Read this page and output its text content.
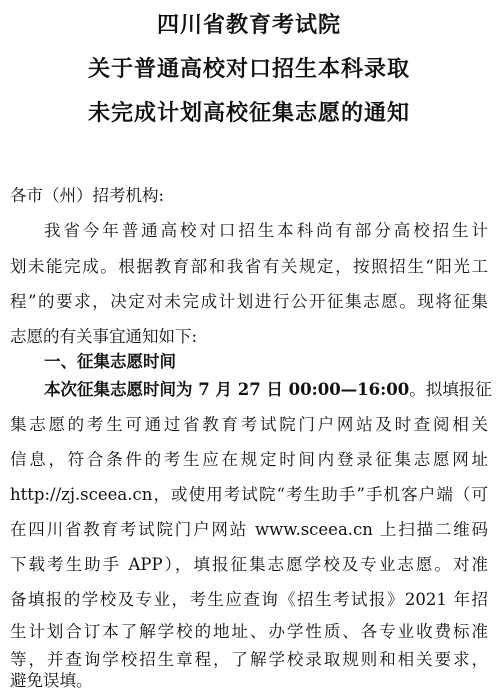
四川省教育考试院
关于普通高校对口招生本科录取
未完成计划高校征集志愿的通知
各市（州）招考机构:
我省今年普通高校对口招生本科尚有部分高校招生计
划未能完成。根据教育部和我省有关规定，按照招生“阳光工
程”的要求，决定对未完成计划进行公开征集志愿。现将征集
志愿的有关事宜通知如下:
一、征集志愿时间
本次征集志愿时间为 7 月 27 日 00:00—16:00。拟填报征
集志愿的考生可通过省教育考试院门户网站及时查阅相关
信息，符合条件的考生应在规定时间内登录征集志愿网址
http://zj.sceea.cn，或使用考试院“考生助手”手机客户端（可
在四川省教育考试院门户网站 www.sceea.cn 上扫描二维码
下载考生助手 APP），填报征集志愿学校及专业志愿。对准
备填报的学校及专业，考生应查询《招生考试报》2021 年招
生计划合订本了解学校的地址、办学性质、各专业收费标准
等，并查询学校招生章程，了解学校录取规则和相关要求，
避免误填。
